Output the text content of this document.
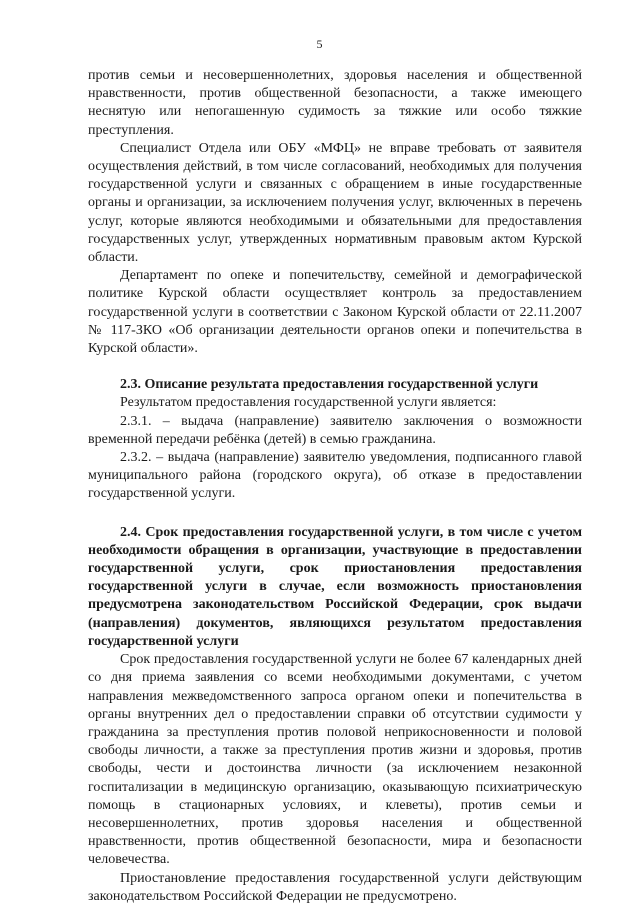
5

против семьи и несовершеннолетних, здоровья населения и общественной нравственности, против общественной безопасности, а также имеющего неснятую или непогашенную судимость за тяжкие или особо тяжкие преступления.

Специалист Отдела или ОБУ «МФЦ» не вправе требовать от заявителя осуществления действий, в том числе согласований, необходимых для получения государственной услуги и связанных с обращением в иные государственные органы и организации, за исключением получения услуг, включенных в перечень услуг, которые являются необходимыми и обязательными для предоставления государственных услуг, утвержденных нормативным правовым актом Курской области.

Департамент по опеке и попечительству, семейной и демографической политике Курской области осуществляет контроль за предоставлением государственной услуги в соответствии с Законом Курской области от 22.11.2007 № 117-ЗКО «Об организации деятельности органов опеки и попечительства в Курской области».

2.3. Описание результата предоставления государственной услуги

Результатом предоставления государственной услуги является:

2.3.1. – выдача (направление) заявителю заключения о возможности временной передачи ребёнка (детей) в семью гражданина.

2.3.2. – выдача (направление) заявителю уведомления, подписанного главой муниципального района (городского округа), об отказе в предоставлении государственной услуги.

2.4. Срок предоставления государственной услуги, в том числе с учетом необходимости обращения в организации, участвующие в предоставлении государственной услуги, срок приостановления предоставления государственной услуги в случае, если возможность приостановления предусмотрена законодательством Российской Федерации, срок выдачи (направления) документов, являющихся результатом предоставления государственной услуги

Срок предоставления государственной услуги не более 67 календарных дней со дня приема заявления со всеми необходимыми документами, с учетом направления межведомственного запроса органом опеки и попечительства в органы внутренних дел о предоставлении справки об отсутствии судимости у гражданина за преступления против половой неприкосновенности и половой свободы личности, а также за преступления против жизни и здоровья, против свободы, чести и достоинства личности (за исключением незаконной госпитализации в медицинскую организацию, оказывающую психиатрическую помощь в стационарных условиях, и клеветы), против семьи и несовершеннолетних, против здоровья населения и общественной нравственности, против общественной безопасности, мира и безопасности человечества.

Приостановление предоставления государственной услуги действующим законодательством Российской Федерации не предусмотрено.
